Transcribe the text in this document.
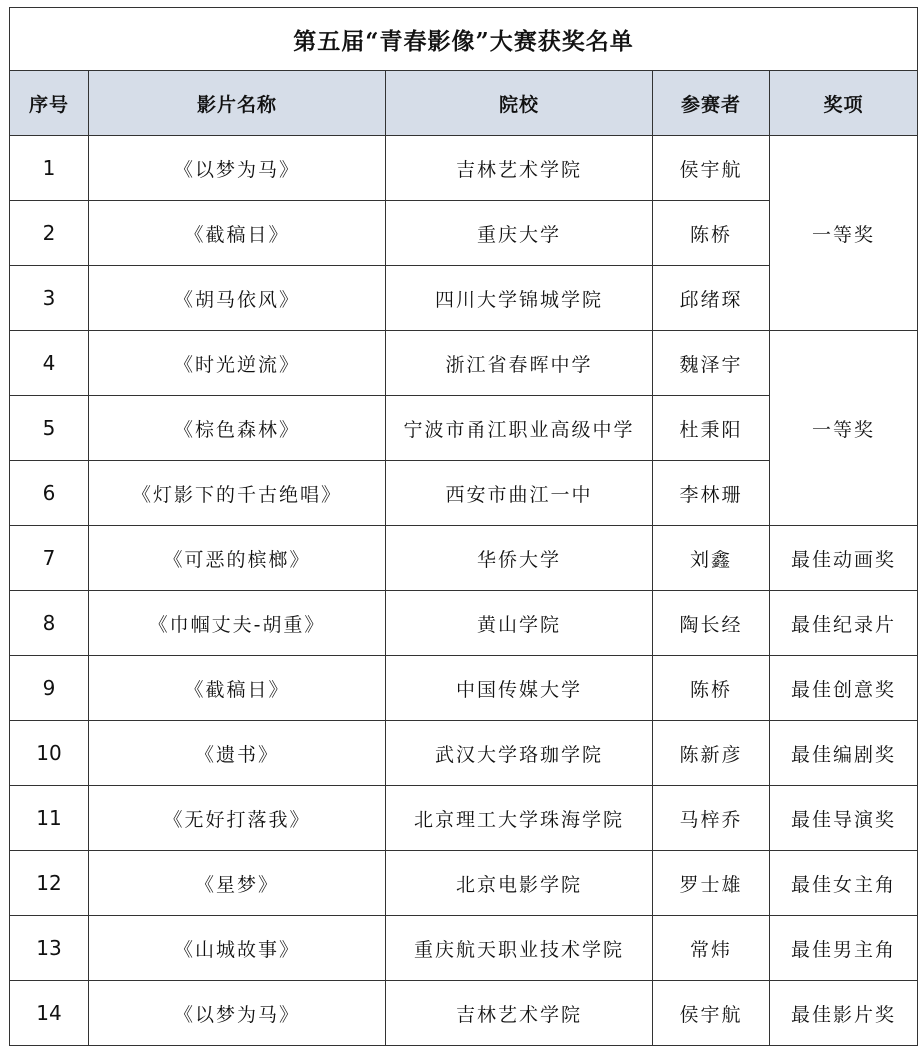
第五届“青春影像”大赛获奖名单				
序号	影片名称	院校	参赛者	奖项
1	《以梦为马》	吉林艺术学院	侯宇航	一等奖
2	《截稿日》	重庆大学	陈桥	
3	《胡马依风》	四川大学锦城学院	邱绪琛	
4	《时光逆流》	浙江省春晖中学	魏泽宇	一等奖
5	《棕色森林》	宁波市甬江职业高级中学	杜秉阳	
6	《灯影下的千古绝唱》	西安市曲江一中	李林珊	
7	《可恶的槟榔》	华侨大学	刘鑫	最佳动画奖
8	《巾帼丈夫-胡重》	黄山学院	陶长经	最佳纪录片
9	《截稿日》	中国传媒大学	陈桥	最佳创意奖
10	《遗书》	武汉大学珞珈学院	陈新彦	最佳编剧奖
11	《无好打落我》	北京理工大学珠海学院	马梓乔	最佳导演奖
12	《星梦》	北京电影学院	罗士雄	最佳女主角
13	《山城故事》	重庆航天职业技术学院	常炜	最佳男主角
14	《以梦为马》	吉林艺术学院	侯宇航	最佳影片奖
